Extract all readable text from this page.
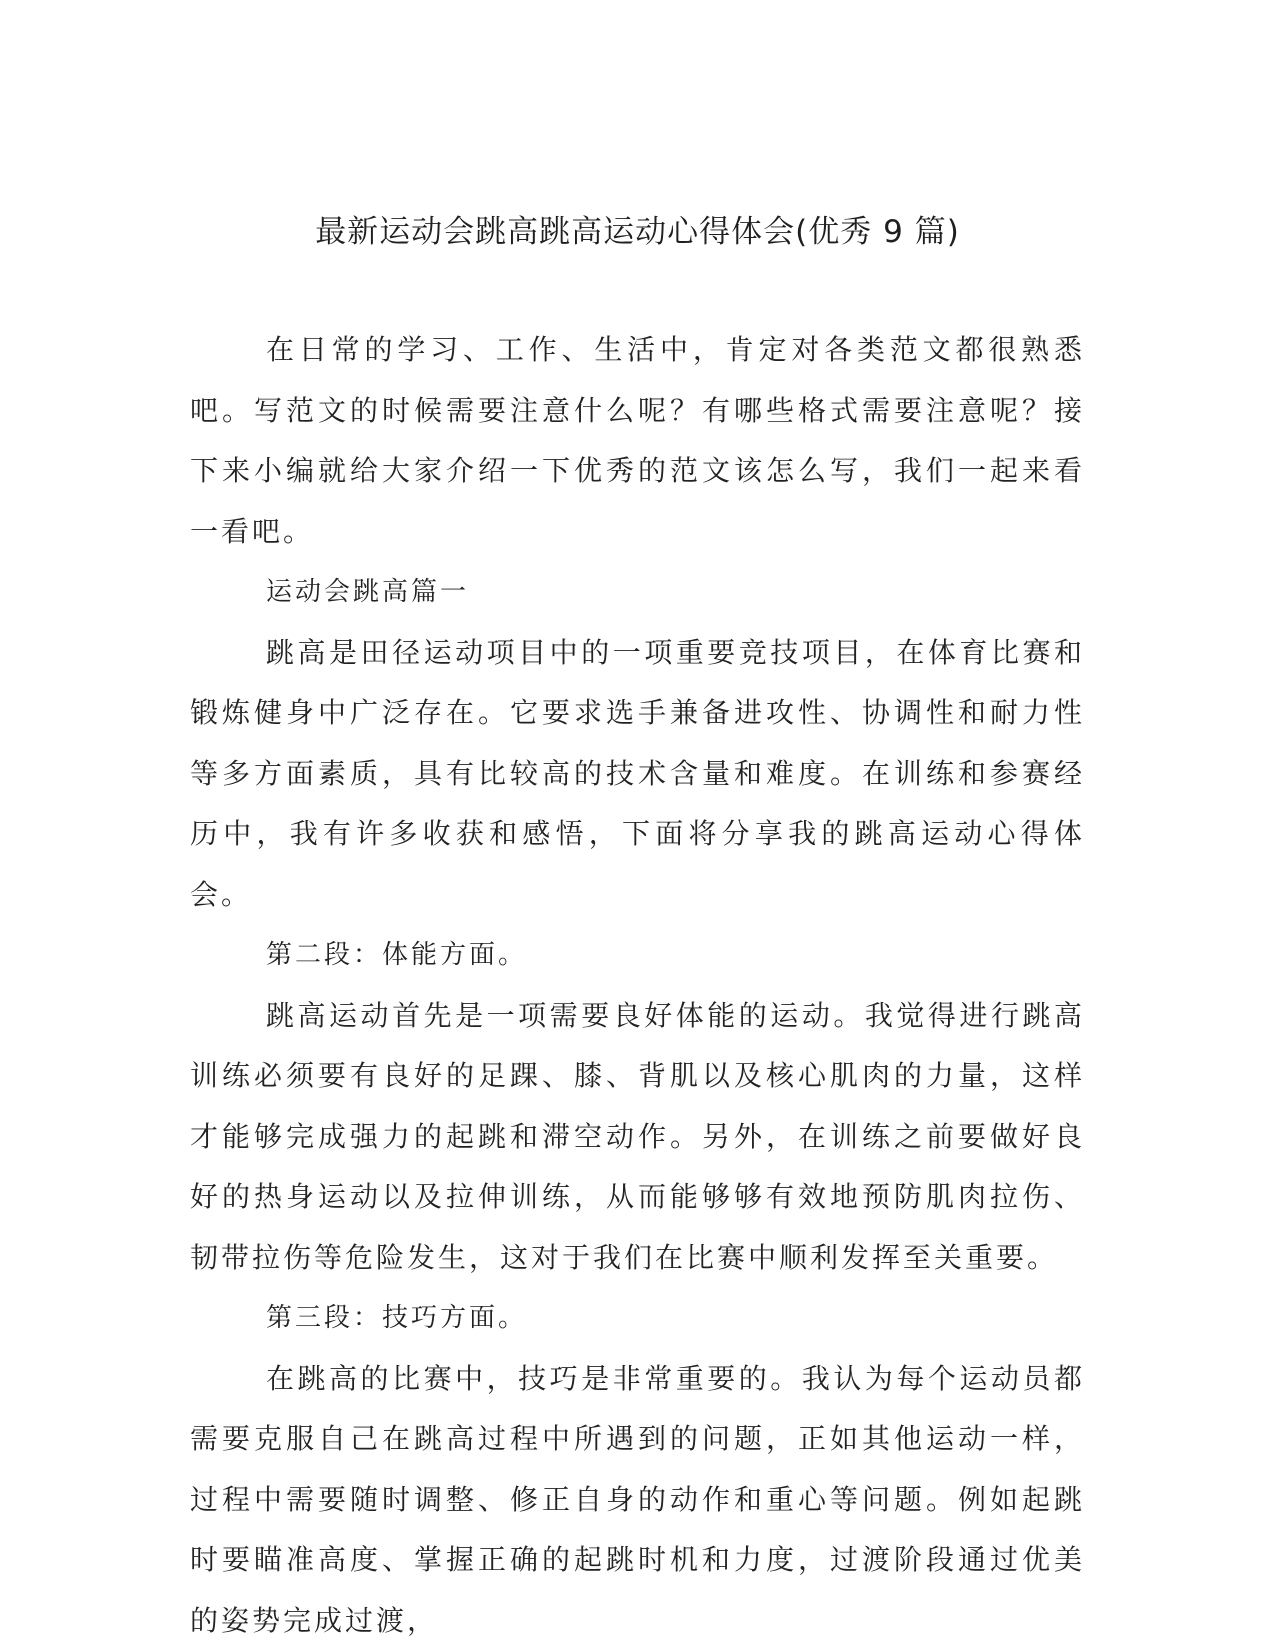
最新运动会跳高跳高运动心得体会(优秀 9 篇)

在日常的学习、工作、生活中，肯定对各类范文都很熟悉吧。写范文的时候需要注意什么呢？有哪些格式需要注意呢？接下来小编就给大家介绍一下优秀的范文该怎么写，我们一起来看一看吧。

运动会跳高篇一

跳高是田径运动项目中的一项重要竞技项目，在体育比赛和锻炼健身中广泛存在。它要求选手兼备进攻性、协调性和耐力性等多方面素质，具有比较高的技术含量和难度。在训练和参赛经历中，我有许多收获和感悟，下面将分享我的跳高运动心得体会。

第二段：体能方面。

跳高运动首先是一项需要良好体能的运动。我觉得进行跳高训练必须要有良好的足踝、膝、背肌以及核心肌肉的力量，这样才能够完成强力的起跳和滞空动作。另外，在训练之前要做好良好的热身运动以及拉伸训练，从而能够够有效地预防肌肉拉伤、韧带拉伤等危险发生，这对于我们在比赛中顺利发挥至关重要。

第三段：技巧方面。

在跳高的比赛中，技巧是非常重要的。我认为每个运动员都需要克服自己在跳高过程中所遇到的问题，正如其他运动一样，过程中需要随时调整、修正自身的动作和重心等问题。例如起跳时要瞄准高度、掌握正确的起跳时机和力度，过渡阶段通过优美的姿势完成过渡，
